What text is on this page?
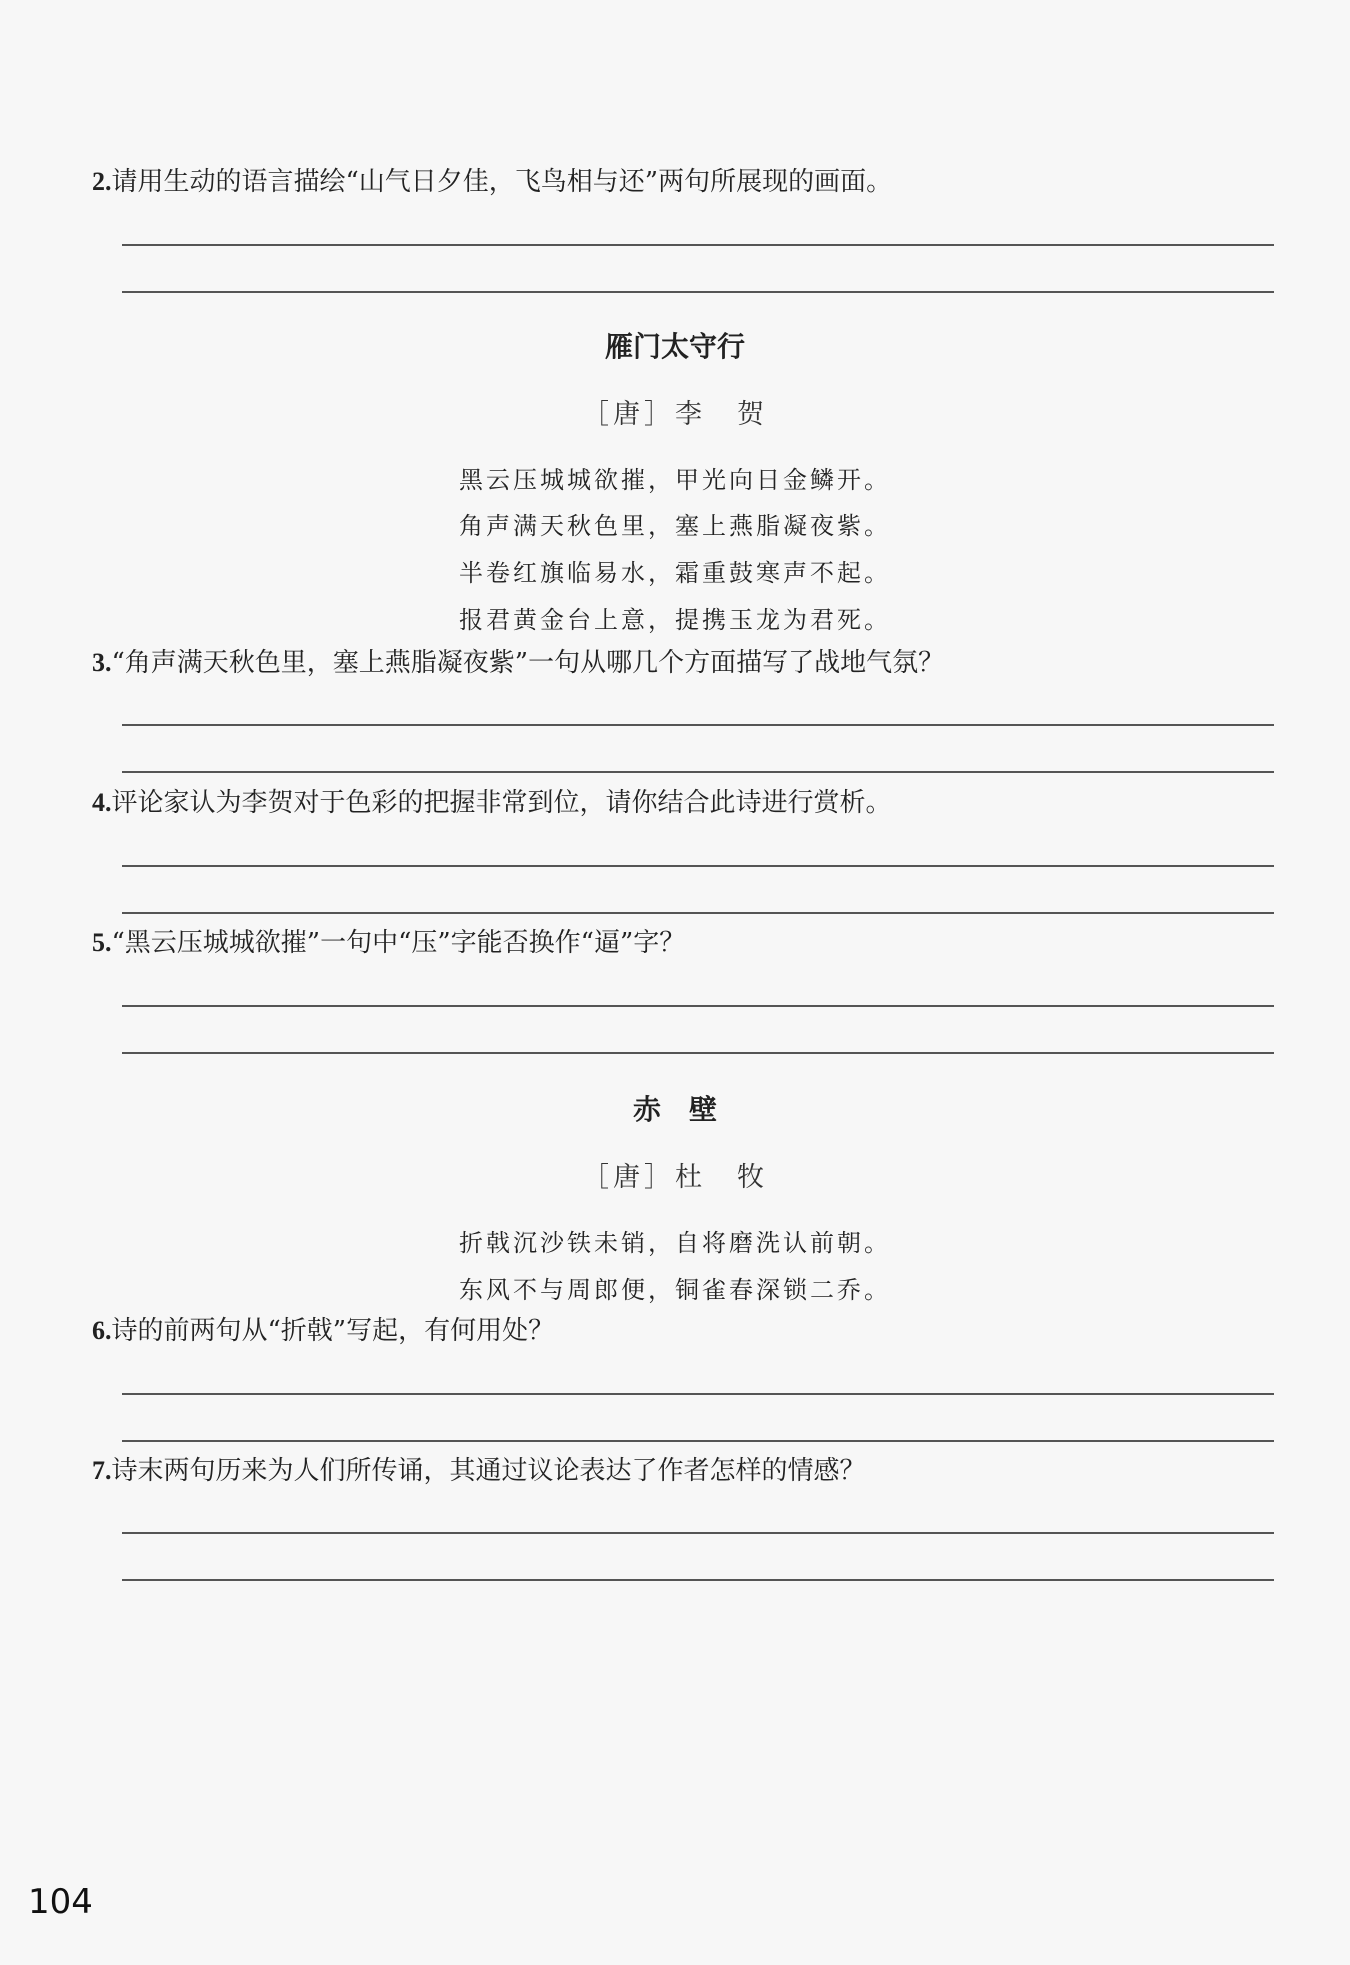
2.请用生动的语言描绘“山气日夕佳，飞鸟相与还”两句所展现的画面。
雁门太守行
［唐］李　贺
黑云压城城欲摧，甲光向日金鳞开。
角声满天秋色里，塞上燕脂凝夜紫。
半卷红旗临易水，霜重鼓寒声不起。
报君黄金台上意，提携玉龙为君死。
3.“角声满天秋色里，塞上燕脂凝夜紫”一句从哪几个方面描写了战地气氛？
4.评论家认为李贺对于色彩的把握非常到位，请你结合此诗进行赏析。
5.“黑云压城城欲摧”一句中“压”字能否换作“逼”字？
赤　壁
［唐］杜　牧
折戟沉沙铁未销，自将磨洗认前朝。
东风不与周郎便，铜雀春深锁二乔。
6.诗的前两句从“折戟”写起，有何用处？
7.诗末两句历来为人们所传诵，其通过议论表达了作者怎样的情感？
104
